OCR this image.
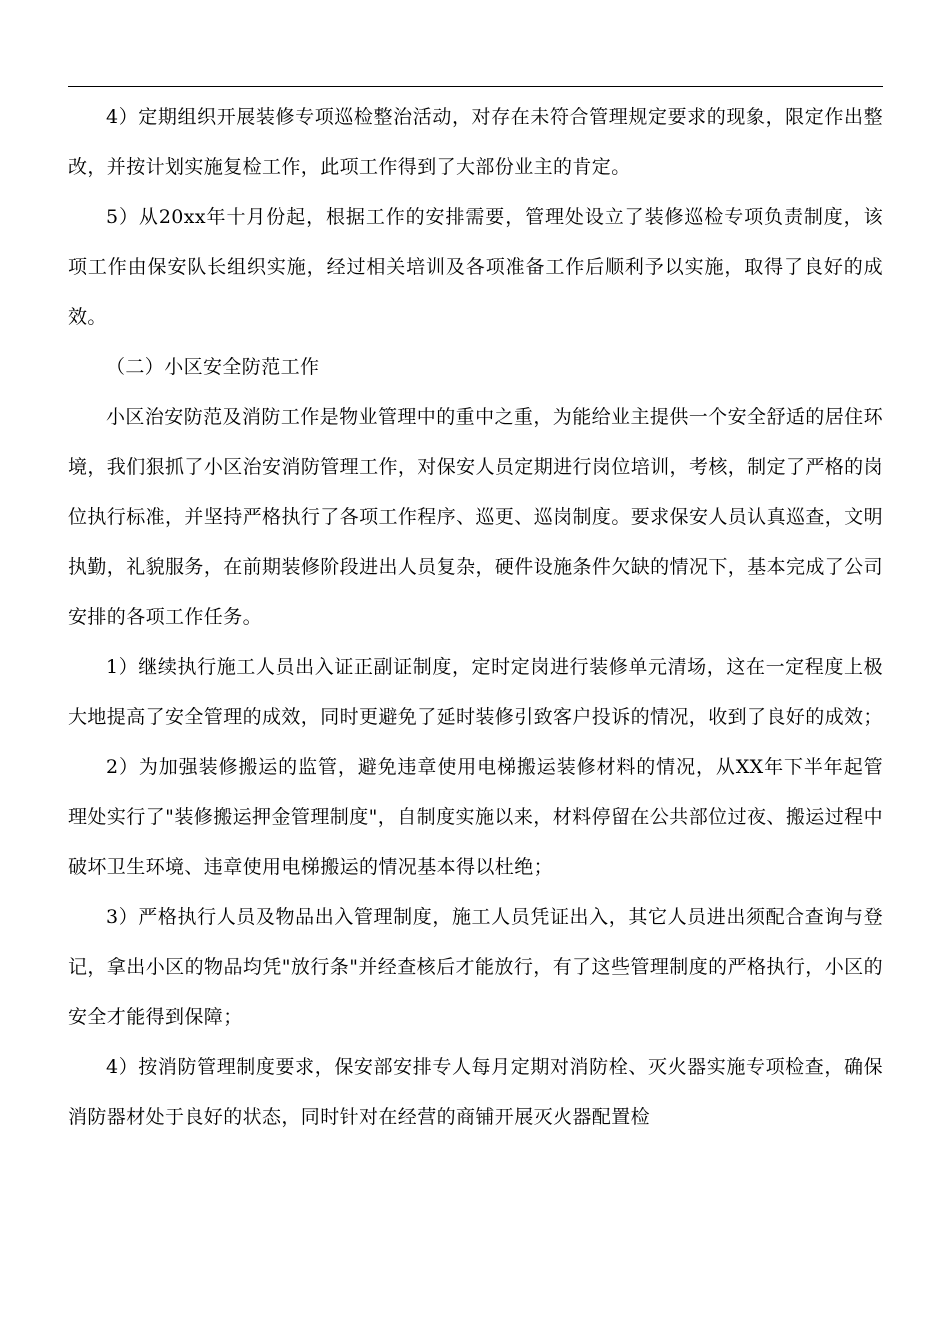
4）定期组织开展装修专项巡检整治活动，对存在未符合管理规定要求的现象，限定作出整改，并按计划实施复检工作，此项工作得到了大部份业主的肯定。

5）从20xx年十月份起，根据工作的安排需要，管理处设立了装修巡检专项负责制度，该项工作由保安队长组织实施，经过相关培训及各项准备工作后顺利予以实施，取得了良好的成效。

（二）小区安全防范工作

小区治安防范及消防工作是物业管理中的重中之重，为能给业主提供一个安全舒适的居住环境，我们狠抓了小区治安消防管理工作，对保安人员定期进行岗位培训，考核，制定了严格的岗位执行标准，并坚持严格执行了各项工作程序、巡更、巡岗制度。要求保安人员认真巡查，文明执勤，礼貌服务，在前期装修阶段进出人员复杂，硬件设施条件欠缺的情况下，基本完成了公司安排的各项工作任务。

1）继续执行施工人员出入证正副证制度，定时定岗进行装修单元清场，这在一定程度上极大地提高了安全管理的成效，同时更避免了延时装修引致客户投诉的情况，收到了良好的成效；

2）为加强装修搬运的监管，避免违章使用电梯搬运装修材料的情况，从XX年下半年起管理处实行了"装修搬运押金管理制度"，自制度实施以来，材料停留在公共部位过夜、搬运过程中破坏卫生环境、违章使用电梯搬运的情况基本得以杜绝；

3）严格执行人员及物品出入管理制度，施工人员凭证出入，其它人员进出须配合查询与登记，拿出小区的物品均凭"放行条"并经查核后才能放行，有了这些管理制度的严格执行，小区的安全才能得到保障；

4）按消防管理制度要求，保安部安排专人每月定期对消防栓、灭火器实施专项检查，确保消防器材处于良好的状态，同时针对在经营的商铺开展灭火器配置检
